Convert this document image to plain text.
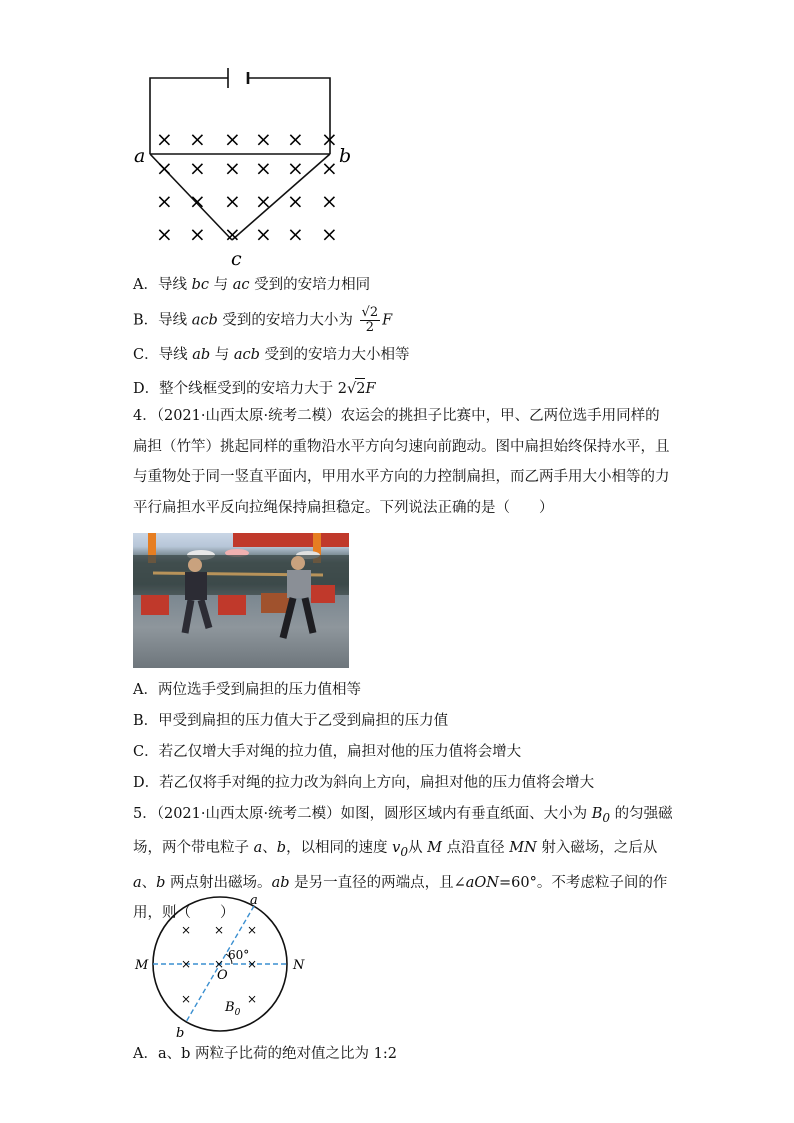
× × × × ×
× × × × × ×
× × × × × ×
× × × × × ×
×
a	b
c
A．导线 bc 与 ac 受到的安培力相同
B．导线 acb 受到的安培力大小为 $\frac{√2}{2}$ F
C．导线 ab 与 acb 受到的安培力大小相等
D．整个线框受到的安培力大于 2√2F
4．（2021·山西太原·统考二模）农运会的挑担子比赛中，甲、乙两位选手用同样的扁担（竹竿）挑起同样的重物沿水平方向匀速向前跑动。图中扁担始终保持水平，且与重物处于同一竖直平面内，甲用水平方向的力控制扁担，而乙两手用大小相等的力平行扁担水平反向拉绳保持扁担稳定。下列说法正确的是（　　）
A．两位选手受到扁担的压力值相等
B．甲受到扁担的压力值大于乙受到扁担的压力值
C．若乙仅增大手对绳的拉力值，扁担对他的压力值将会增大
D．若乙仅将手对绳的拉力改为斜向上方向，扁担对他的压力值将会增大
5．（2021·山西太原·统考二模）如图，圆形区域内有垂直纸面、大小为 $B_0$ 的匀强磁场，两个带电粒子 a、b，以相同的速度 $v_0$从 M 点沿直径 MN 射入磁场，之后从 a、b 两点射出磁场。ab 是另一直径的两端点，且∠aON=60°。不考虑粒子间的作用，则（　　）
× × ×
× × ×
×	×
a
b
M	N
O
60°
$B_0$
A．a、b 两粒子比荷的绝对值之比为 1:2
